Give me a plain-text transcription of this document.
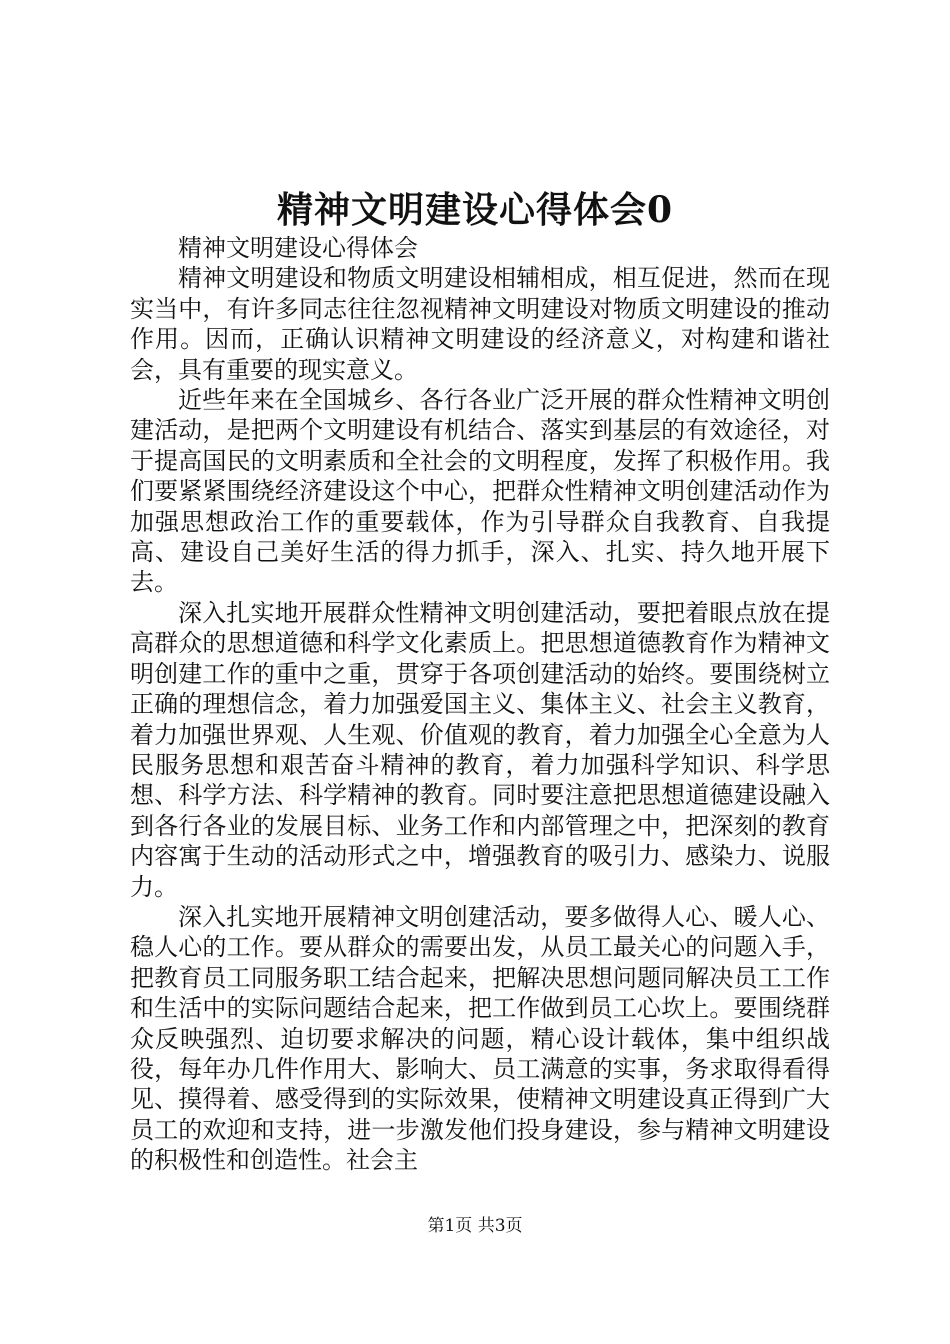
精神文明建设心得体会0

精神文明建设心得体会

精神文明建设和物质文明建设相辅相成，相互促进，然而在现实当中，有许多同志往往忽视精神文明建设对物质文明建设的推动作用。因而，正确认识精神文明建设的经济意义，对构建和谐社会，具有重要的现实意义。

近些年来在全国城乡、各行各业广泛开展的群众性精神文明创建活动，是把两个文明建设有机结合、落实到基层的有效途径，对于提高国民的文明素质和全社会的文明程度，发挥了积极作用。我们要紧紧围绕经济建设这个中心，把群众性精神文明创建活动作为加强思想政治工作的重要载体，作为引导群众自我教育、自我提高、建设自己美好生活的得力抓手，深入、扎实、持久地开展下去。

深入扎实地开展群众性精神文明创建活动，要把着眼点放在提高群众的思想道德和科学文化素质上。把思想道德教育作为精神文明创建工作的重中之重，贯穿于各项创建活动的始终。要围绕树立正确的理想信念，着力加强爱国主义、集体主义、社会主义教育，着力加强世界观、人生观、价值观的教育，着力加强全心全意为人民服务思想和艰苦奋斗精神的教育，着力加强科学知识、科学思想、科学方法、科学精神的教育。同时要注意把思想道德建设融入到各行各业的发展目标、业务工作和内部管理之中，把深刻的教育内容寓于生动的活动形式之中，增强教育的吸引力、感染力、说服力。

深入扎实地开展精神文明创建活动，要多做得人心、暖人心、稳人心的工作。要从群众的需要出发，从员工最关心的问题入手，把教育员工同服务职工结合起来，把解决思想问题同解决员工工作和生活中的实际问题结合起来，把工作做到员工心坎上。要围绕群众反映强烈、迫切要求解决的问题，精心设计载体，集中组织战役，每年办几件作用大、影响大、员工满意的实事，务求取得看得见、摸得着、感受得到的实际效果，使精神文明建设真正得到广大员工的欢迎和支持，进一步激发他们投身建设，参与精神文明建设的积极性和创造性。社会主

第1页 共3页
